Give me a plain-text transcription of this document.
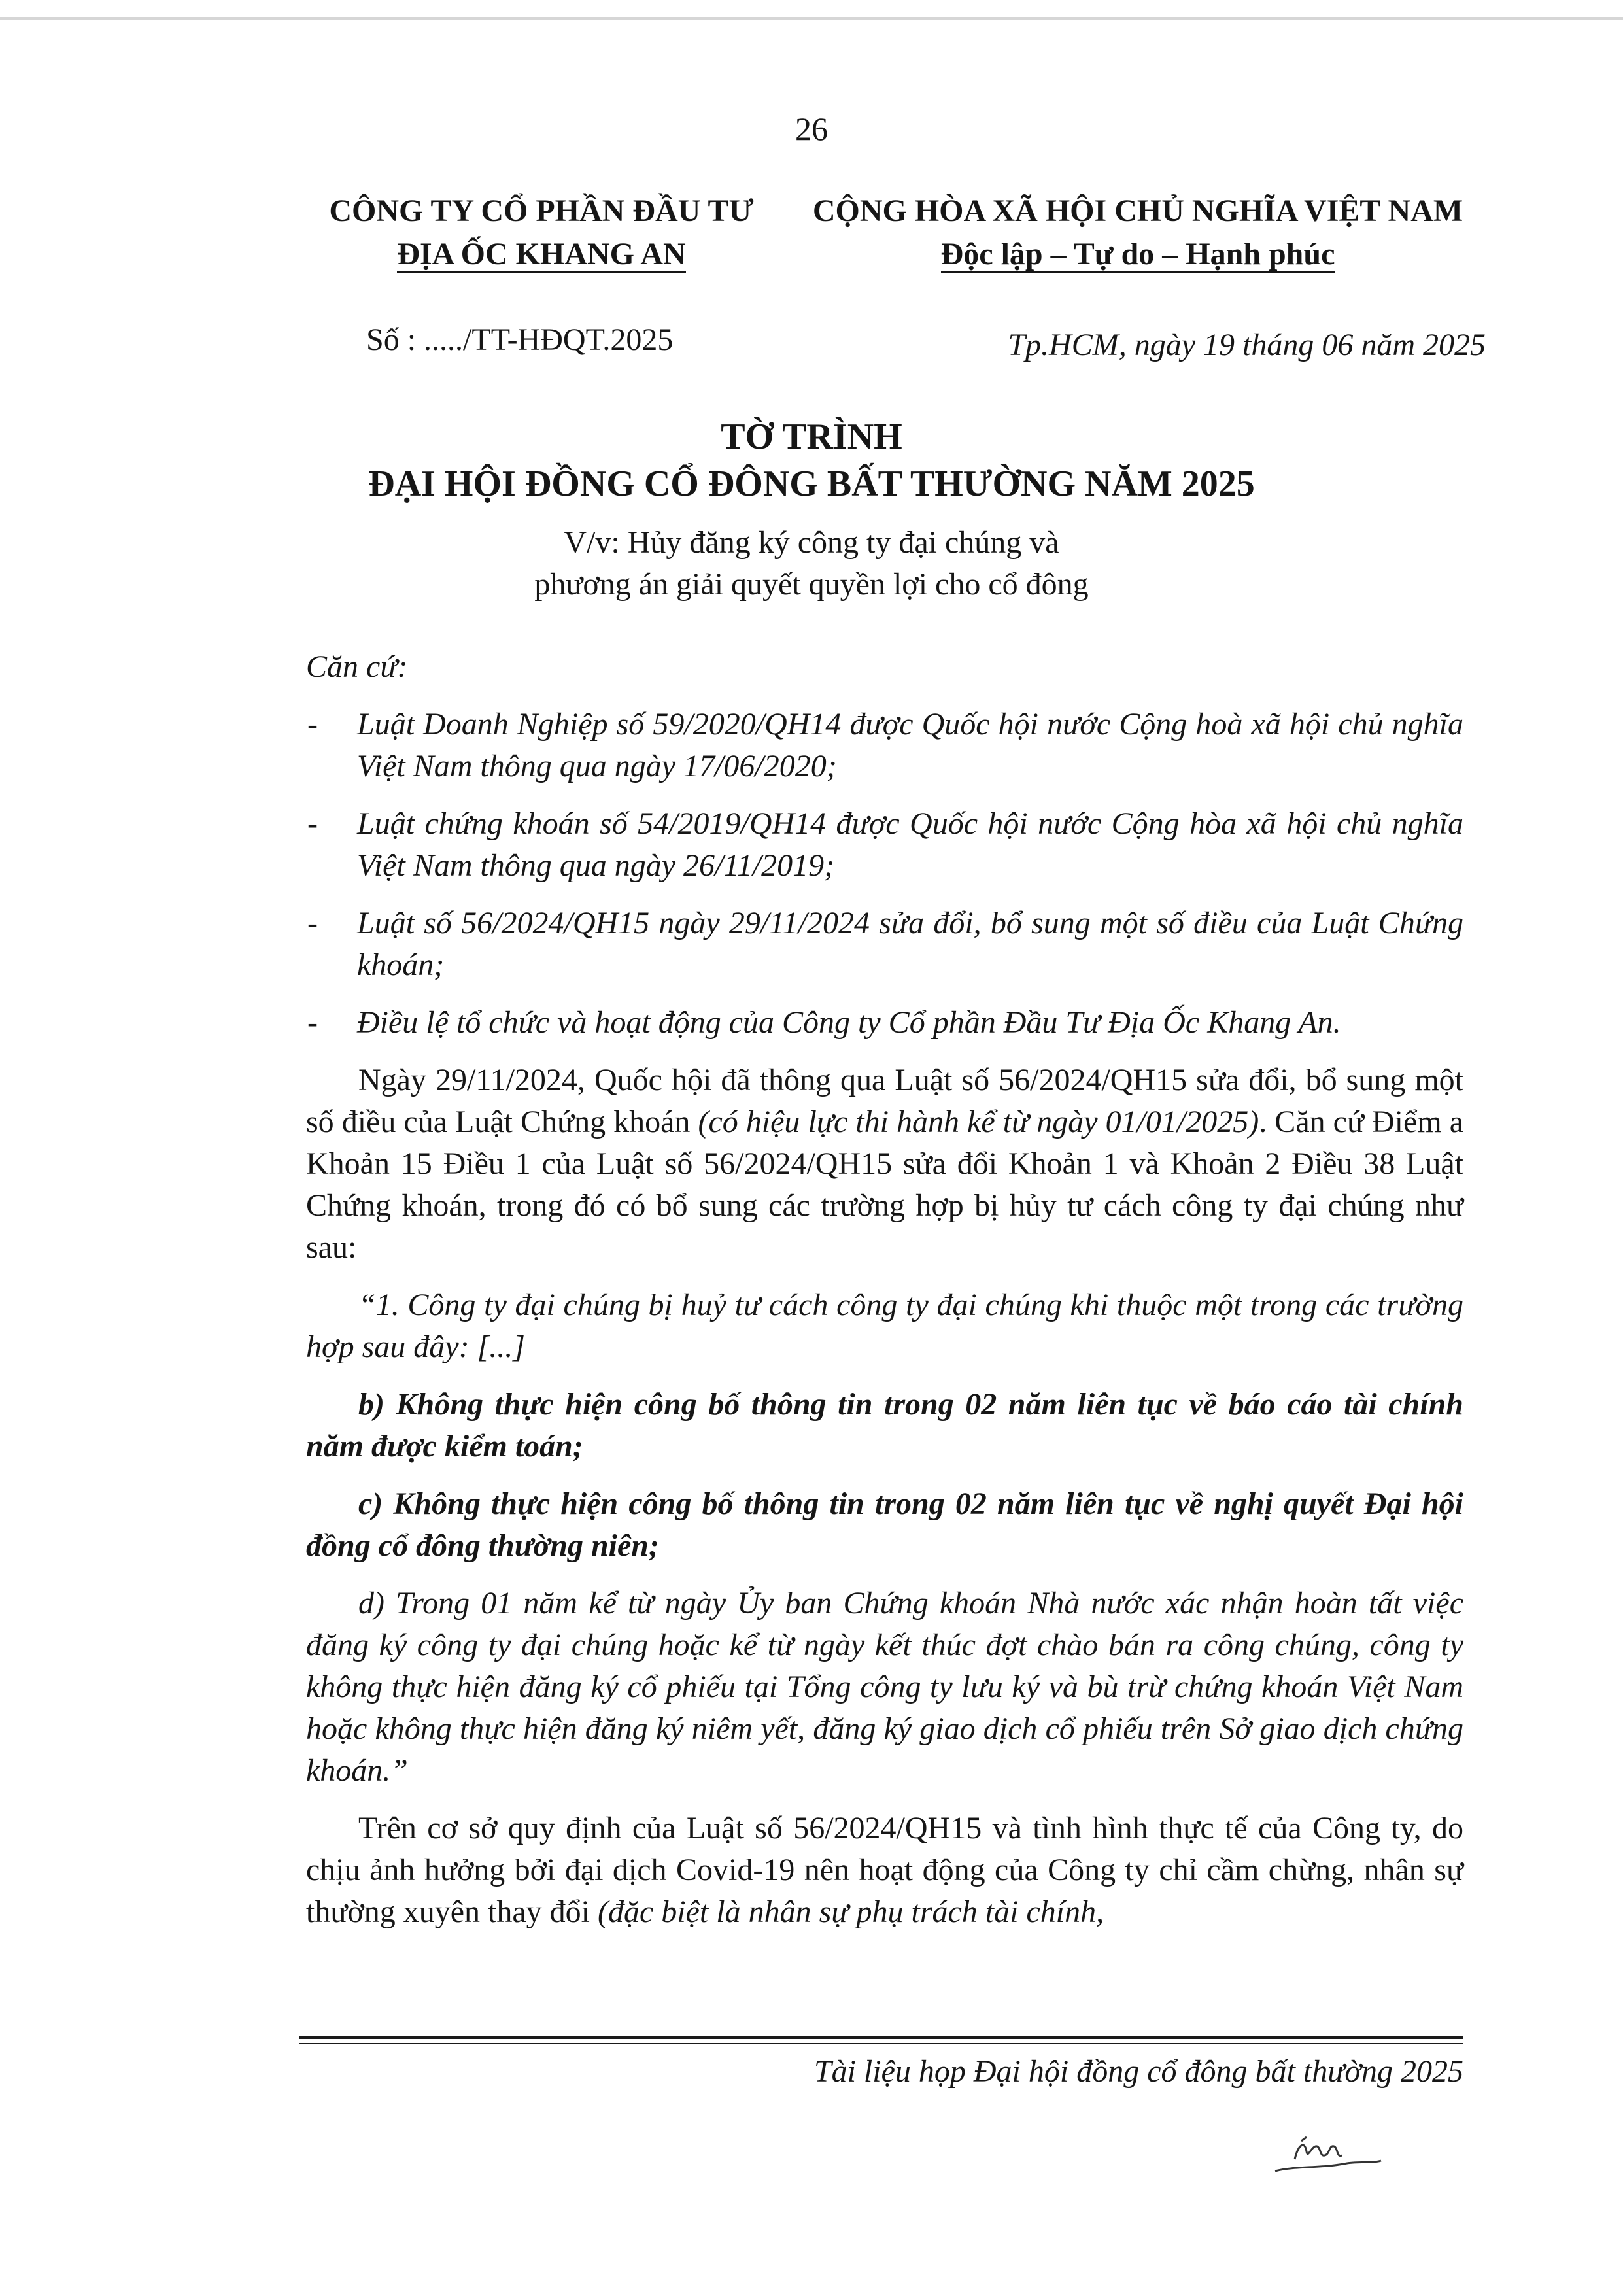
26
CÔNG TY CỔ PHẦN ĐẦU TƯ
ĐỊA ỐC KHANG AN
CỘNG HÒA XÃ HỘI CHỦ NGHĨA VIỆT NAM
Độc lập – Tự do – Hạnh phúc
Số : ...../TT-HĐQT.2025	Tp.HCM, ngày 19 tháng 06 năm 2025
TỜ TRÌNH
ĐẠI HỘI ĐỒNG CỔ ĐÔNG BẤT THƯỜNG NĂM 2025
V/v: Hủy đăng ký công ty đại chúng và
phương án giải quyết quyền lợi cho cổ đông

Căn cứ:

- Luật Doanh Nghiệp số 59/2020/QH14 được Quốc hội nước Cộng hoà xã hội chủ nghĩa Việt Nam thông qua ngày 17/06/2020;
- Luật chứng khoán số 54/2019/QH14 được Quốc hội nước Cộng hòa xã hội chủ nghĩa Việt Nam thông qua ngày 26/11/2019;
- Luật số 56/2024/QH15 ngày 29/11/2024 sửa đổi, bổ sung một số điều của Luật Chứng khoán;
- Điều lệ tổ chức và hoạt động của Công ty Cổ phần Đầu Tư Địa Ốc Khang An.

Ngày 29/11/2024, Quốc hội đã thông qua Luật số 56/2024/QH15 sửa đổi, bổ sung một số điều của Luật Chứng khoán (có hiệu lực thi hành kể từ ngày 01/01/2025). Căn cứ Điểm a Khoản 15 Điều 1 của Luật số 56/2024/QH15 sửa đổi Khoản 1 và Khoản 2 Điều 38 Luật Chứng khoán, trong đó có bổ sung các trường hợp bị hủy tư cách công ty đại chúng như sau:

“1. Công ty đại chúng bị huỷ tư cách công ty đại chúng khi thuộc một trong các trường hợp sau đây: [...]

b) Không thực hiện công bố thông tin trong 02 năm liên tục về báo cáo tài chính năm được kiểm toán;

c) Không thực hiện công bố thông tin trong 02 năm liên tục về nghị quyết Đại hội đồng cổ đông thường niên;

d) Trong 01 năm kể từ ngày Ủy ban Chứng khoán Nhà nước xác nhận hoàn tất việc đăng ký công ty đại chúng hoặc kể từ ngày kết thúc đợt chào bán ra công chúng, công ty không thực hiện đăng ký cổ phiếu tại Tổng công ty lưu ký và bù trừ chứng khoán Việt Nam hoặc không thực hiện đăng ký niêm yết, đăng ký giao dịch cổ phiếu trên Sở giao dịch chứng khoán.”

Trên cơ sở quy định của Luật số 56/2024/QH15 và tình hình thực tế của Công ty, do chịu ảnh hưởng bởi đại dịch Covid-19 nên hoạt động của Công ty chỉ cầm chừng, nhân sự thường xuyên thay đổi (đặc biệt là nhân sự phụ trách tài chính,

Tài liệu họp Đại hội đồng cổ đông bất thường 2025
